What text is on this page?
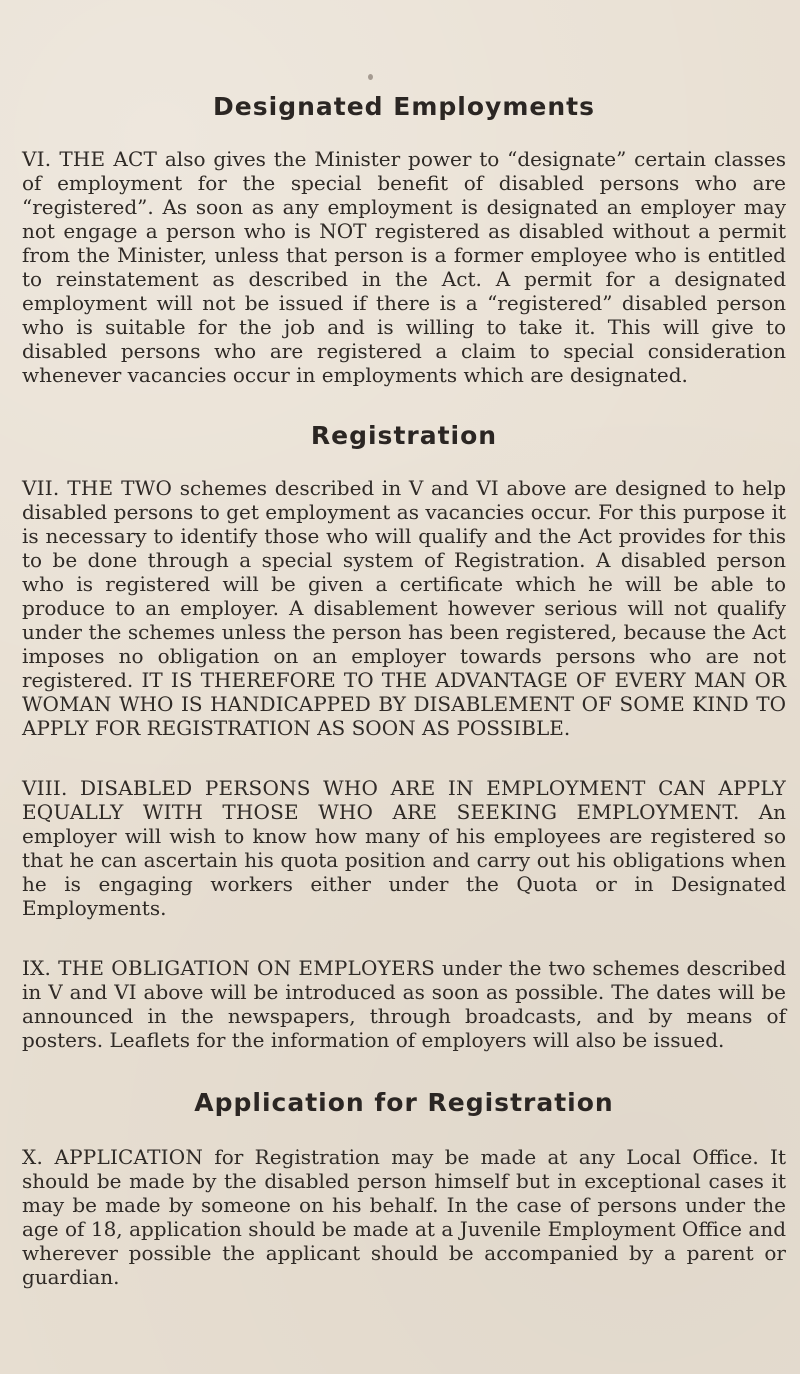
Designated Employments

VI. THE ACT also gives the Minister power to “designate” certain classes of employment for the special benefit of disabled persons who are “registered”. As soon as any employment is designated an employer may not engage a person who is NOT registered as disabled without a permit from the Minister, unless that person is a former employee who is entitled to reinstatement as described in the Act. A permit for a designated employment will not be issued if there is a “registered” disabled person who is suitable for the job and is willing to take it. This will give to disabled persons who are registered a claim to special consideration whenever vacancies occur in employments which are designated.

Registration

VII. THE TWO schemes described in V and VI above are designed to help disabled persons to get employment as vacancies occur. For this purpose it is necessary to identify those who will qualify and the Act provides for this to be done through a special system of Registration. A disabled person who is registered will be given a certificate which he will be able to produce to an employer. A disablement however serious will not qualify under the schemes unless the person has been registered, because the Act imposes no obligation on an employer towards persons who are not registered. IT IS THEREFORE TO THE ADVANTAGE OF EVERY MAN OR WOMAN WHO IS HANDICAPPED BY DISABLEMENT OF SOME KIND TO APPLY FOR REGISTRATION AS SOON AS POSSIBLE.

VIII. DISABLED PERSONS WHO ARE IN EMPLOYMENT CAN APPLY EQUALLY WITH THOSE WHO ARE SEEKING EMPLOYMENT. An employer will wish to know how many of his employees are registered so that he can ascertain his quota position and carry out his obligations when he is engaging workers either under the Quota or in Designated Employments.

IX. THE OBLIGATION ON EMPLOYERS under the two schemes described in V and VI above will be introduced as soon as possible. The dates will be announced in the newspapers, through broadcasts, and by means of posters. Leaflets for the information of employers will also be issued.

Application for Registration

X. APPLICATION for Registration may be made at any Local Office. It should be made by the disabled person himself but in exceptional cases it may be made by someone on his behalf. In the case of persons under the age of 18, application should be made at a Juvenile Employment Office and wherever possible the applicant should be accompanied by a parent or guardian.
